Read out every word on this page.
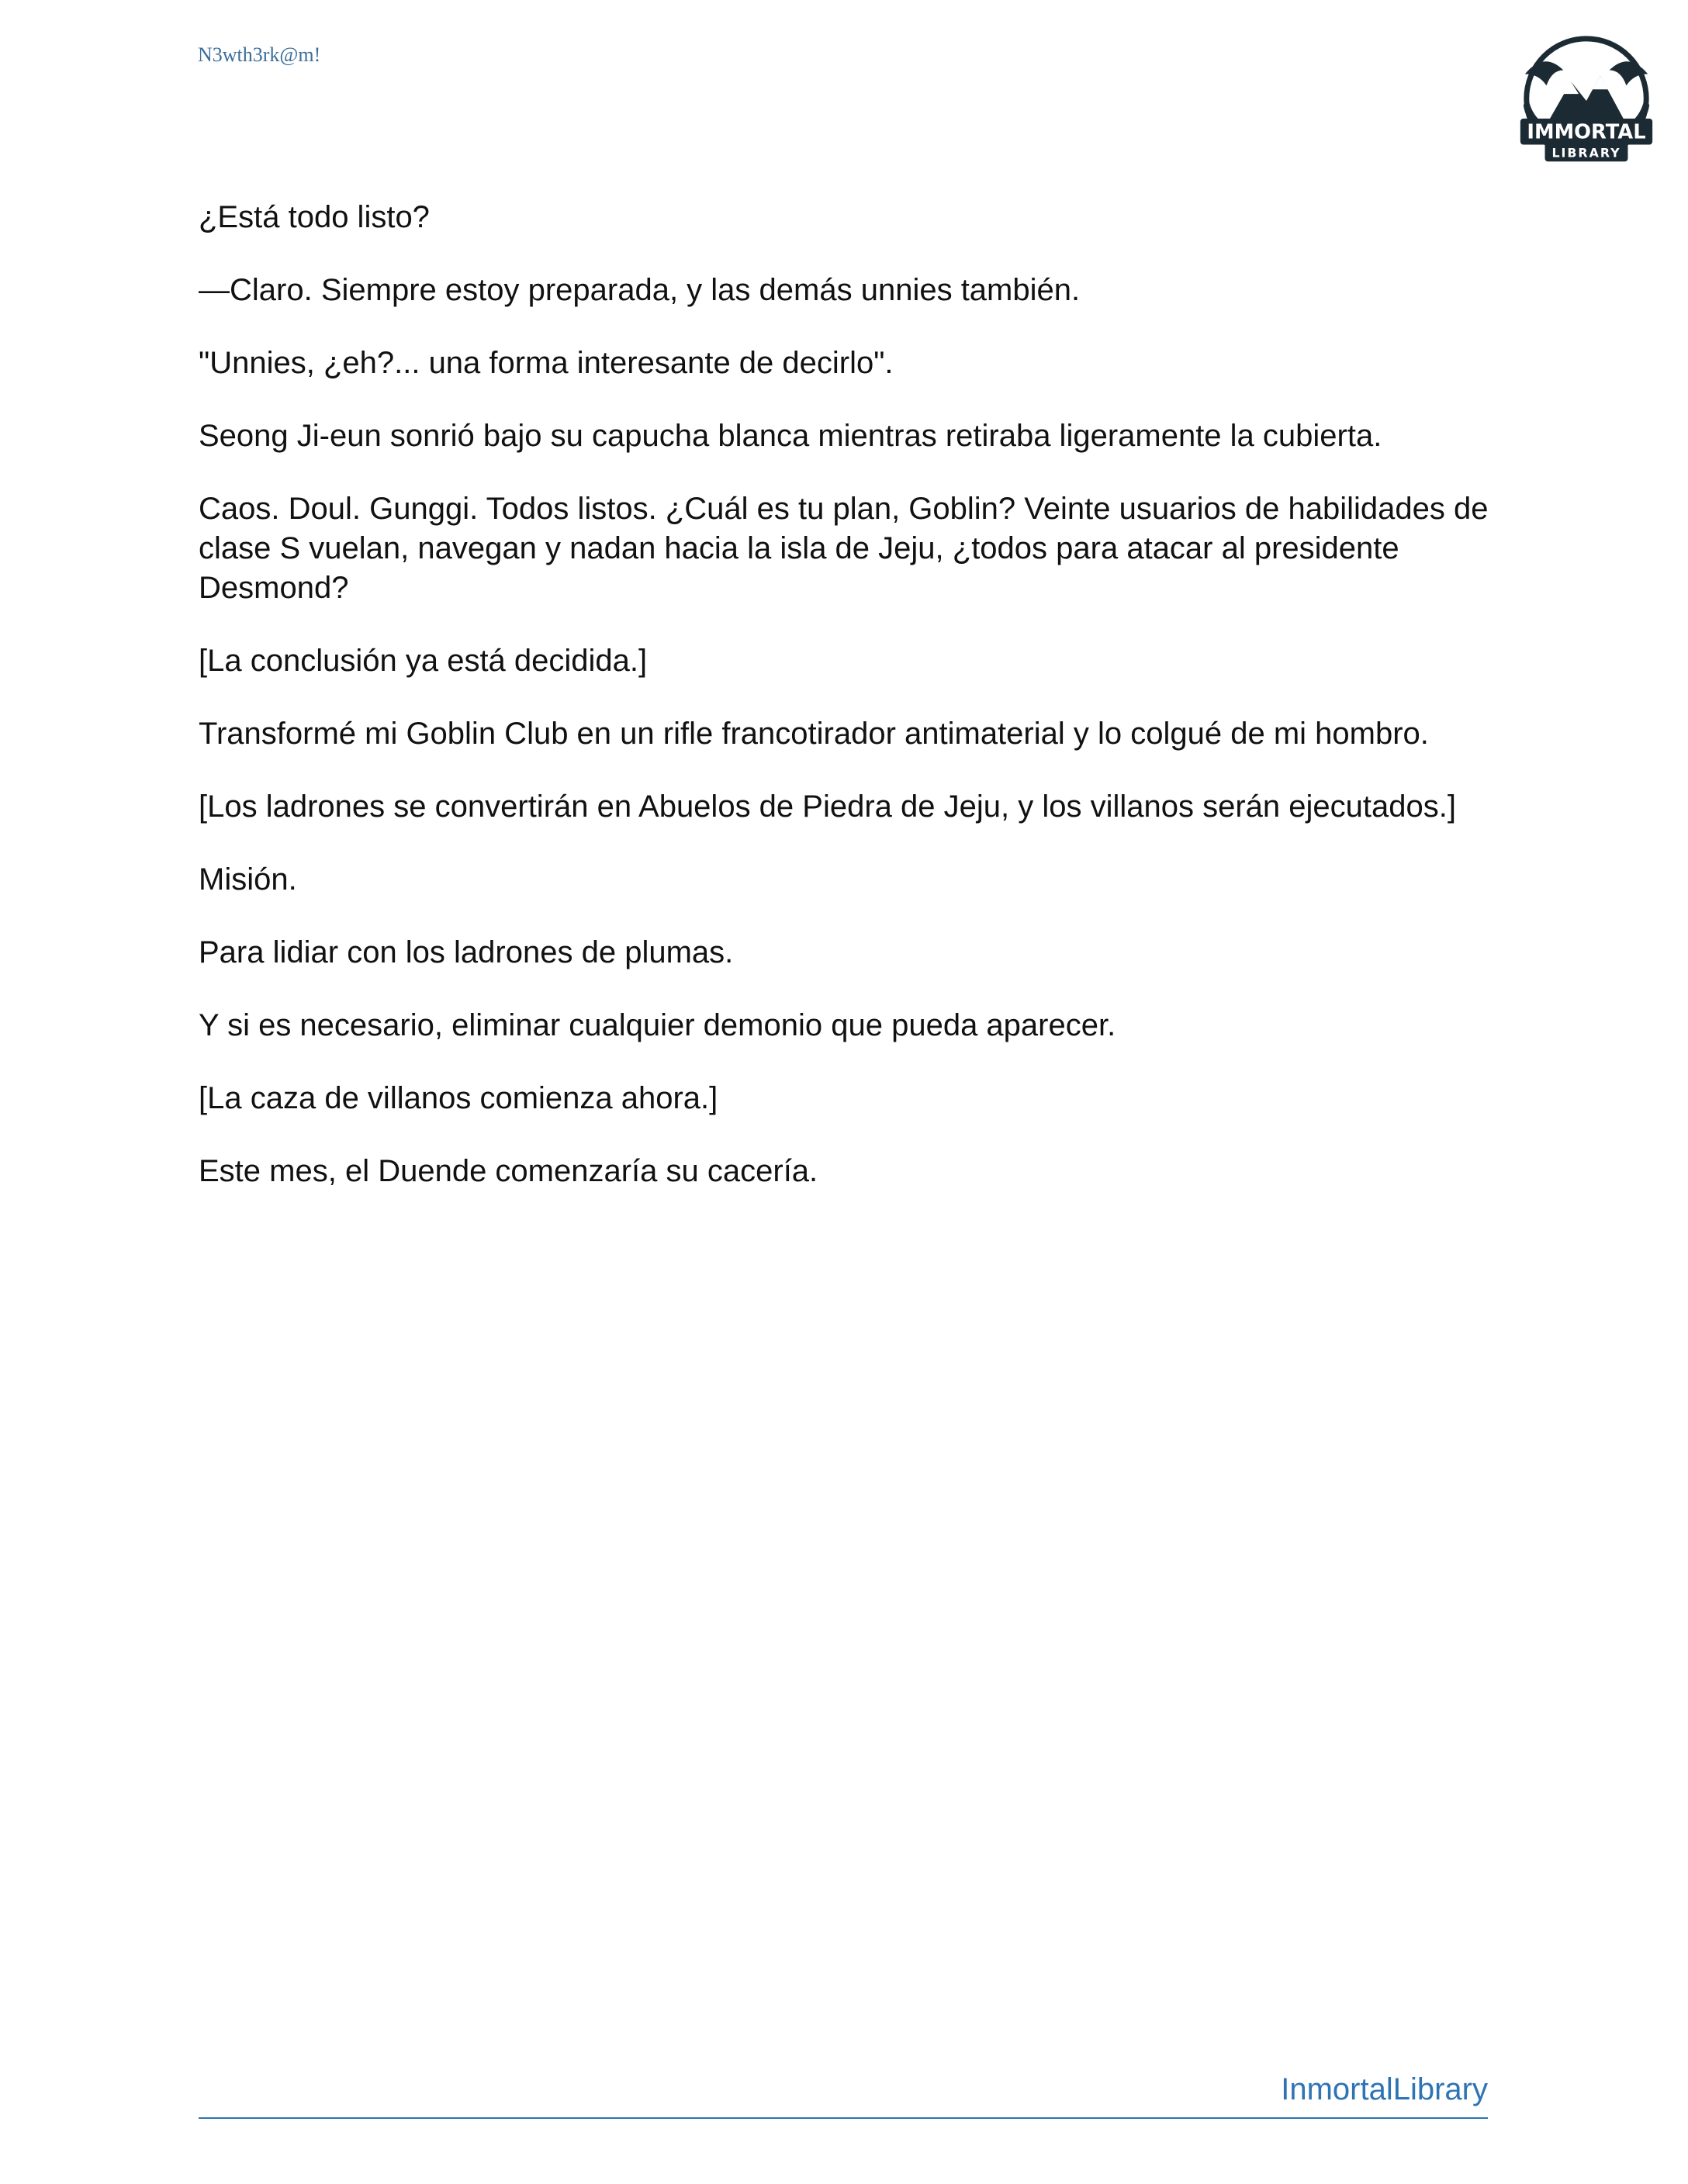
N3wth3rk@m!
IMMORTAL
LIBRARY

¿Está todo listo?

—Claro. Siempre estoy preparada, y las demás unnies también.

"Unnies, ¿eh?... una forma interesante de decirlo".

Seong Ji-eun sonrió bajo su capucha blanca mientras retiraba ligeramente la cubierta.

Caos. Doul. Gunggi. Todos listos. ¿Cuál es tu plan, Goblin? Veinte usuarios de habilidades de clase S vuelan, navegan y nadan hacia la isla de Jeju, ¿todos para atacar al presidente Desmond?

[La conclusión ya está decidida.]

Transformé mi Goblin Club en un rifle francotirador antimaterial y lo colgué de mi hombro.

[Los ladrones se convertirán en Abuelos de Piedra de Jeju, y los villanos serán ejecutados.]

Misión.

Para lidiar con los ladrones de plumas.

Y si es necesario, eliminar cualquier demonio que pueda aparecer.

[La caza de villanos comienza ahora.]

Este mes, el Duende comenzaría su cacería.

InmortalLibrary
